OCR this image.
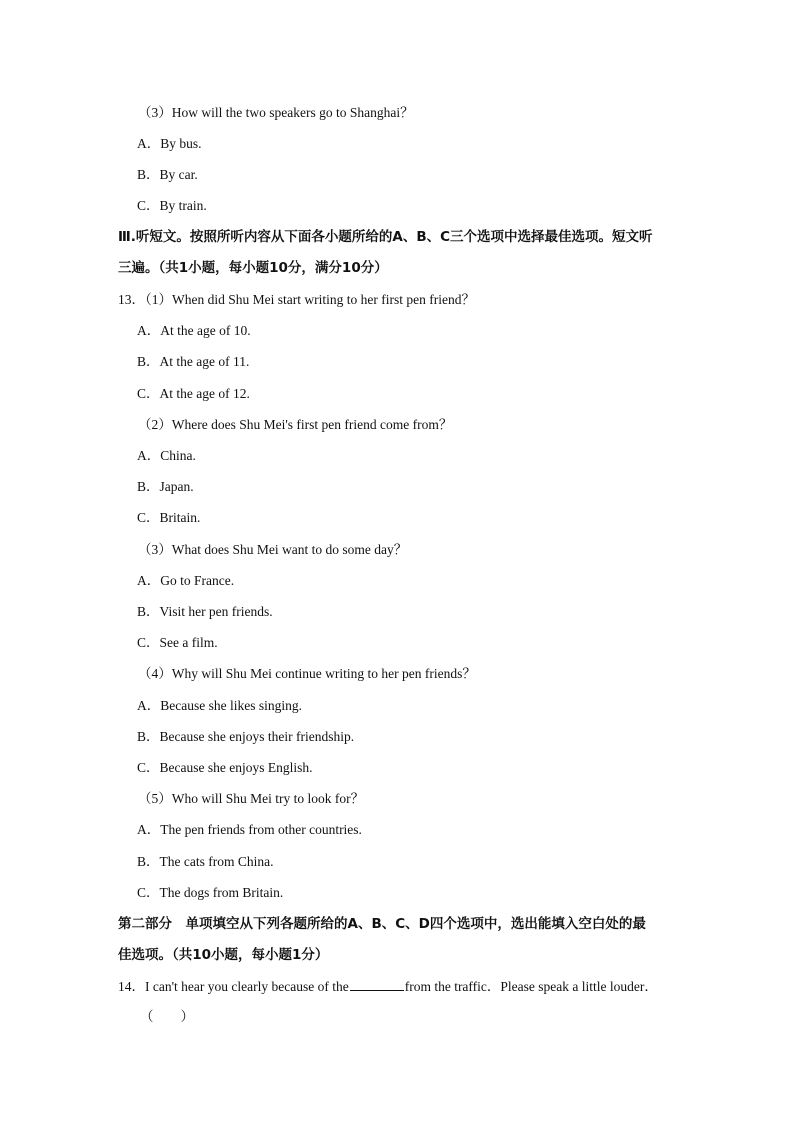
（3）How will the two speakers go to Shanghai？
A．By bus.
B．By car.
C．By train.
Ⅲ.听短文。按照所听内容从下面各小题所给的A、B、C三个选项中选择最佳选项。短文听
三遍。（共1小题，每小题10分，满分10分）
13．（1）When did Shu Mei start writing to her first pen friend？
A．At the age of 10.
B．At the age of 11.
C．At the age of 12.
（2）Where does Shu Mei's first pen friend come from？
A．China.
B．Japan.
C．Britain.
（3）What does Shu Mei want to do some day？
A．Go to France.
B．Visit her pen friends.
C．See a film.
（4）Why will Shu Mei continue writing to her pen friends？
A．Because she likes singing.
B．Because she enjoys their friendship.
C．Because she enjoys English.
（5）Who will Shu Mei try to look for？
A．The pen friends from other countries.
B．The cats from China.
C．The dogs from Britain.
第二部分　单项填空从下列各题所给的A、B、C、D四个选项中，选出能填入空白处的最
佳选项。（共10小题，每小题1分）
14．I can't hear you clearly because of the	from the traffic．Please speak a little louder．
（　　）
